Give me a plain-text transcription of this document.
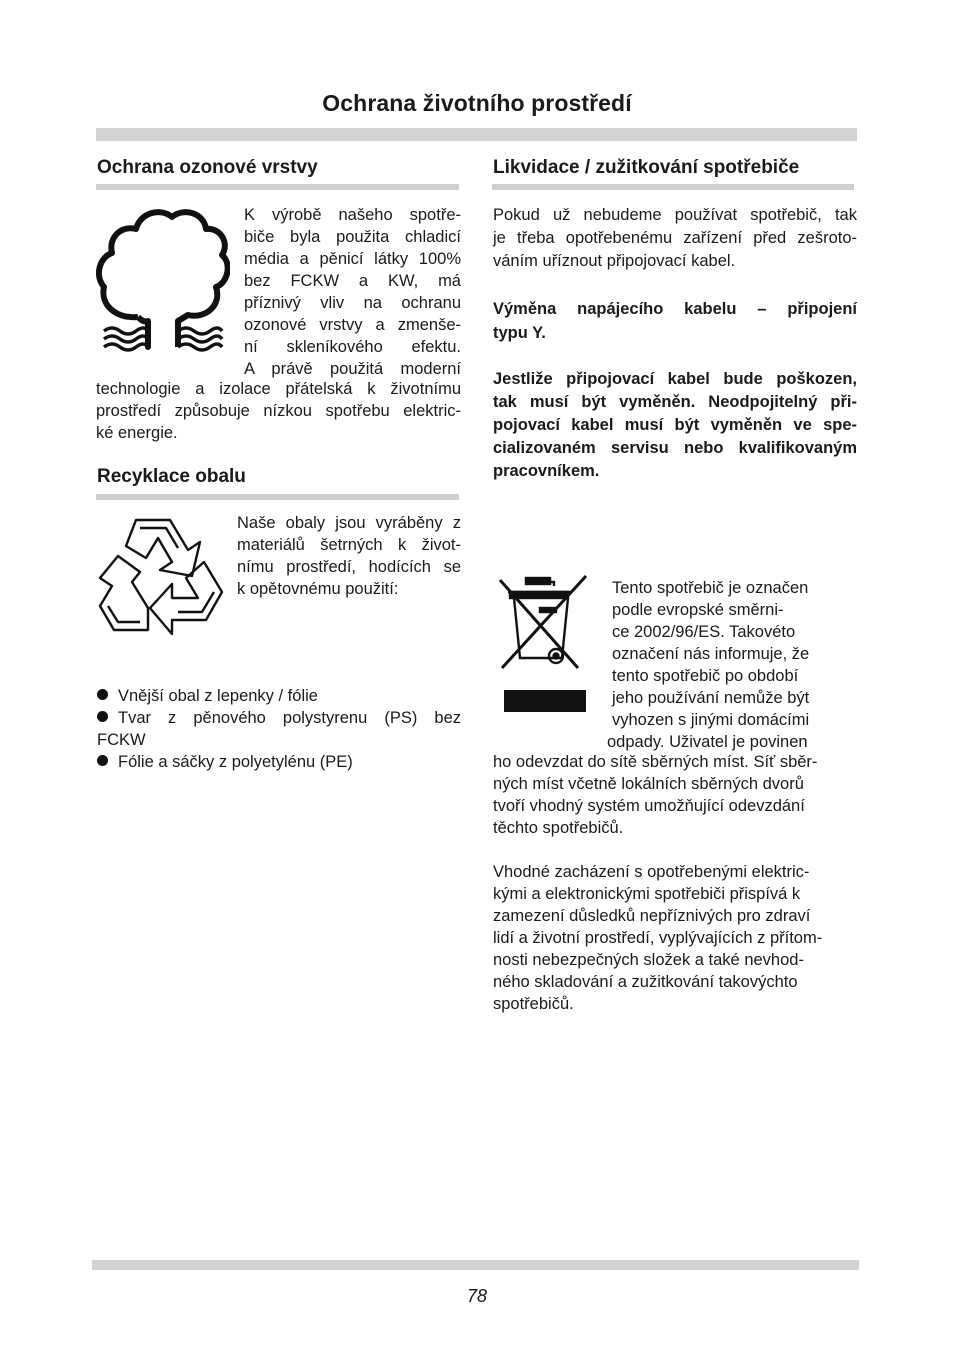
Ochrana životního prostředí
Ochrana ozonové vrstvy
K výrobě našeho spotře-
biče byla použita chladicí
média a pěnicí látky 100%
bez FCKW a KW, má
příznivý vliv na ochranu
ozonové vrstvy a zmenše-
ní skleníkového efektu.
A právě použitá moderní
technologie a izolace přátelská k životnímu
prostředí způsobuje nízkou spotřebu elektric-
ké energie.
Recyklace obalu
Naše obaly jsou vyráběny z
materiálů šetrných k život-
nímu prostředí, hodících se
k opětovnému použití:
Vnější obal z lepenky / fólie
Tvar z pěnového polystyrenu (PS) bez
FCKW
Fólie a sáčky z polyetylénu (PE)
Likvidace / zužitkování spotřebiče
Pokud už nebudeme používat spotřebič, tak
je třeba opotřebenému zařízení před zešroto-
váním uříznout připojovací kabel.
Výměna napájecího kabelu – připojení
typu Y.
Jestliže připojovací kabel bude poškozen,
tak musí být vyměněn. Neodpojitelný při-
pojovací kabel musí být vyměněn ve spe-
cializovaném servisu nebo kvalifikovaným
pracovníkem.
Tento spotřebič je označen
podle evropské směrni-
ce 2002/96/ES. Takovéto
označení nás informuje, že
tento spotřebič po období
jeho používání nemůže být
vyhozen s jinými domácími
odpady. Uživatel je povinen
ho odevzdat do sítě sběrných míst. Síť sběr-
ných míst včetně lokálních sběrných dvorů
tvoří vhodný systém umožňující odevzdání
těchto spotřebičů.
Vhodné zacházení s opotřebenými elektric-
kými a elektronickými spotřebiči přispívá k
zamezení důsledků nepříznivých pro zdraví
lidí a životní prostředí, vyplývajících z přítom-
nosti nebezpečných složek a také nevhod-
ného skladování a zužitkování takovýchto
spotřebičů.
78
